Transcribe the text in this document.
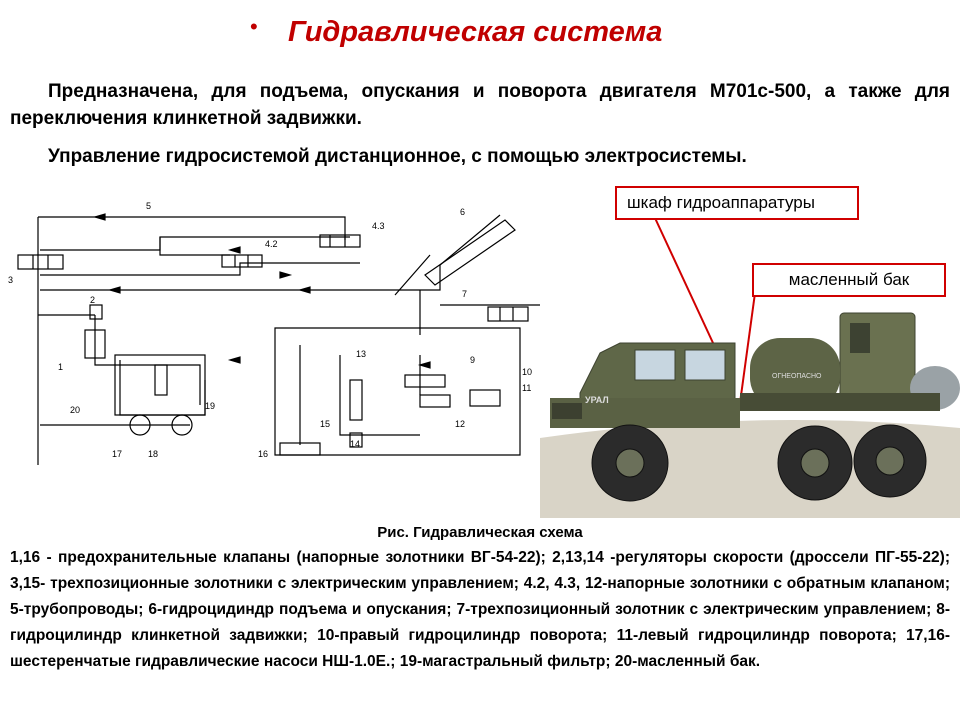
• Гидравлическая система
Предназначена, для подъема, опускания и поворота двигателя М701с-500, а также для переключения клинкетной задвижки.
Управление гидросистемой дистанционное, с помощью электросистемы.
5
6
4.3
4.2
3
2
1
7
13
9
10
11
12
14
15
16
17	18
19
20
ОГНЕОПАСНО
УРАЛ
шкаф гидроаппаратуры
масленный бак
Рис. Гидравлическая схема
1,16 - предохранительные клапаны (напорные золотники ВГ-54-22); 2,13,14 -регуляторы скорости (дроссели ПГ-55-22); 3,15- трехпозиционные золотники с электрическим управлением; 4.2, 4.3, 12-напорные золотники с обратным клапаном; 5-трубопроводы; 6-гидроцидиндр подъема и опускания; 7-трехпозиционный золотник с электрическим управлением; 8-гидроцилиндр клинкетной задвижки; 10-правый гидроцилиндр поворота; 11-левый гидроцилиндр поворота; 17,16-шестеренчатые гидравлические насоси НШ-1.0Е.; 19-магастральный фильтр; 20-масленный бак.
